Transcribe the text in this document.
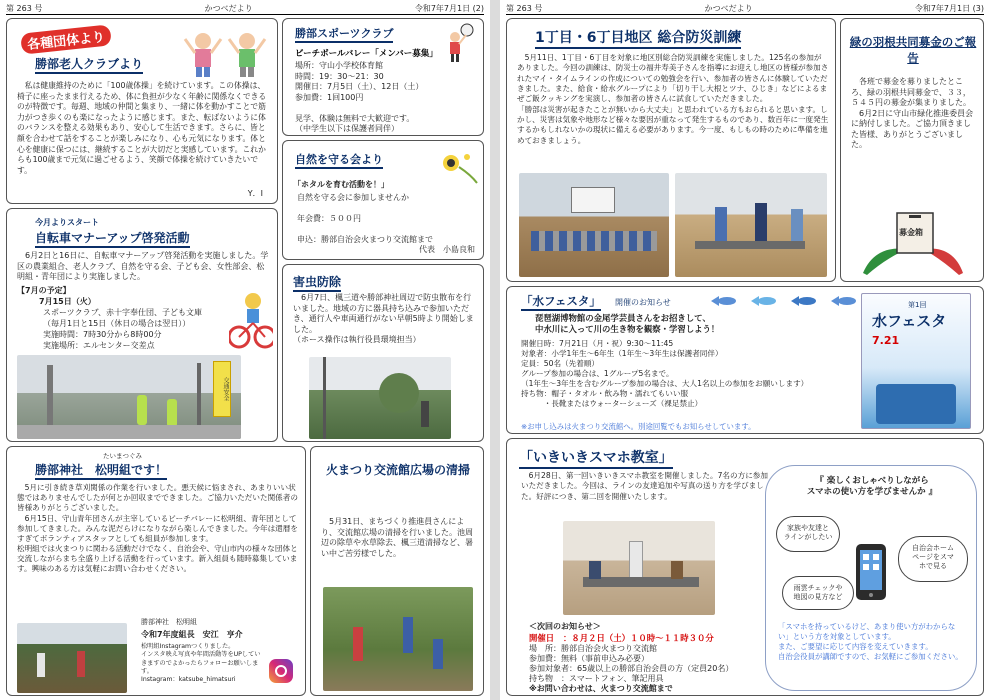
第 263 号	かつべだより	令和7年7月1日 (2)
各種団体より
勝部老人クラブより
　私は健康維持のために「100歳体操」を続けています。この体操は、椅子に座ったまま行えるため、体に負担が少なく年齢に関係なくできるのが特徴です。毎週、地域の仲間と集まり、一緒に体を動かすことで筋力がつき歩くのも楽になったように感じます。また、転ばないように体のバランスを整える効果もあり、安心して生活できます。さらに、皆と顔を合わせて話をすることが楽しみになり、心も元気になります。体と心を健康に保つには、継続することが大切だと実感しています。これからも100歳まで元気に過ごせるよう、笑顔で体操を続けていきたいです。
Y．I
勝部スポーツクラブ
ビーチボールバレー「メンバー募集」
場所：守山小学校体育館
時間：19：30～21：30
開催日：7月5日（土）、12日（土）
参加費：1回100円

見学、体験は無料で大歓迎です。
（中学生以下は保護者同伴）
自然を守る会より
「ホタルを育む活動を！」
自然を守る会に参加しませんか

年会費：５００円

申込：勝部自治会火まつり交流館まで
代表　小島良和
今月よりスタート
自転車マナーアップ啓発活動
　6月2日と16日に、自転車マナーアップ啓発活動を実施しました。学区の農業組合、老人クラブ、自然を守る会、子ども会、女性部会、松明組・青年団により実施しました。
【7月の予定】
7月15日（火）
スポーツクラブ、赤十字奉仕団、子ども文庫
（毎月1日と15日（休日の場合は翌日））
実施時間：7時30分から8時00分
実施場所：エルセンター交差点
交通安全
害虫防除
　6月7日、楓三道や勝部神社周辺で防虫散布を行いました。地域の方に器具持ち込みで参加いただき、通行人や車両通行がない早朝5時より開始しました。
（ホース操作は執行役員環境担当）
たいまつぐみ
勝部神社　松明組です！
　5月に引き続き草刈関係の作業を行いました。悪天候に悩まされ、あまりいい状態ではありませんでしたが何とか回収までできました。ご協力いただいた関係者の皆様ありがとうございました。
　6月15日、守山青年団さんが主宰しているビーチバレーに松明組、青年団として参加してきました。みんな泥だらけになりながら楽しんできました。今年は還暦をすぎてボランティアスタッフとしても組員が参加します。
松明組では火まつりに関わる活動だけでなく、自治会や、守山市内の様々な団体と交流しながらまち全盛り上げる活動を行っています。新入組員も随時募集しています。興味のある方は気軽にお問い合わせください。
勝部神社　松明組
令和7年度組長　安江　亨介
松明組Instagramつくりました。
インスタ映え写真や年間活動等をUPしていきますのでよかったらフォローお願いします。
Instagram：katsube_himatsuri
火まつり交流館広場の清掃
　5月31日、まちづくり推進員さんにより、交流館広場の清掃を行いました。池周辺の除草や水草除去、楓三道清掃など、暑い中ご苦労様でした。
第 263 号	かつべだより	令和7年7月1日 (3)
1丁目・6丁目地区 総合防災訓練
　5月11日、1丁目・6丁目を対象に地区別総合防災訓練を実施しました。125名の参加がありました。今回の訓練は、防災士の福井寿美子さんを指導にお迎えし地区の皆様が参加されたマイ・タイムラインの作成についての勉強会を行い、参加者の皆さんに体験していただきました。また、給食・給水グループにより「切り干し大根とツナ、ひじき」などによるまぜご飯クッキングを実演し、参加者の皆さんに試食していただきました。
「勝部は災害が起きたことが無いから大丈夫」と思われている方もおられると思います。しかし、災害は気象や地形など様々な要因が重なって発生するものであり、数百年に一度発生するかもしれないかの現状に備える必要があります。今一度、もしもの時のために準備を進めておきましょう。
緑の羽根共同募金のご報告
　各班で募金を募りましたところ、緑の羽根共同募金で、３３，５４５円の募金が集まりました。
　6月2日に守山市緑化推進委員会に納付しました。ご協力頂きました皆様、ありがとうございました。
募金箱
「水フェスタ」 開催のお知らせ
琵琶湖博物館の金尾学芸員さんをお招きして、
中水川に入って川の生き物を観察・学習しよう！
開催日時：7月21日（月・祝）9:30～11:45
対象者：小学1年生～6年生（1年生～3年生は保護者同伴）
定員：50名（先着順）
グループ参加の場合は、1グループ5名まで。
（1年生～3年生を含むグループ参加の場合は、大人1名以上の参加をお願いします）
持ち物：帽子・タオル・飲み物・濡れてもいい服
　　　・長靴またはウォーターシューズ（裸足禁止）
※お申し込みは火まつり交流館へ。別途回覧でもお知らせしています。
第1回
水フェスタ
7.21
「いきいきスマホ教室」
　6月28日、第一回いきいきスマホ教室を開催しました。7名の方に参加いただきました。今回は、ラインの友達追加や写真の送り方を学びました。好評につき、第二回を開催いたします。
＜次回のお知らせ＞
開催日 ：８月２日（土）１０時～１１時３０分
場　所：勝部自治会火まつり交流館
参加費：無料（事前申込み必要）
参加対象者：65歳以上の勝部自治会員の方（定員20名）
持ち物　：スマートフォン、筆記用具
※お問い合わせは、火まつり交流館まで
『 楽しくおしゃべりしながら
スマホの使い方を学びませんか 』
家族や友達と
ラインがしたい
自治会ホーム
ページをスマ
ホで見る
雨雲チェックや
地図の見方など
「スマホを持っているけど、あまり使い方がわからない」という方を対象としています。
また、ご要望に応じて内容を変えていきます。
自治会役員が講師ですので、お気軽にご参加ください。
